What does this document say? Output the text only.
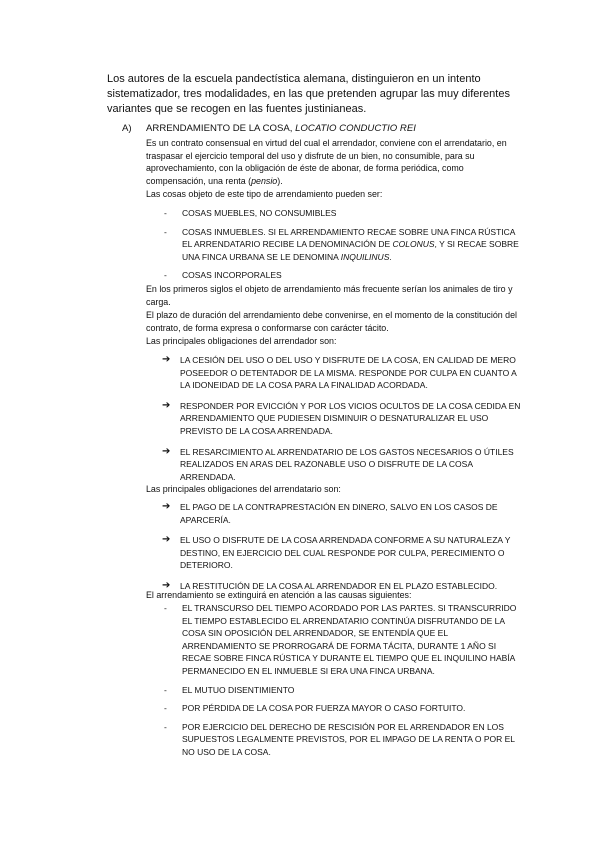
Los autores de la escuela pandectística alemana, distinguieron en un intento sistematizador, tres modalidades, en las que pretenden agrupar las muy diferentes variantes que se recogen en las fuentes justinianeas.

A) ARRENDAMIENTO DE LA COSA, LOCATIO CONDUCTIO REI

Es un contrato consensual en virtud del cual el arrendador, conviene con el arrendatario, en traspasar el ejercicio temporal del uso y disfrute de un bien, no consumible, para su aprovechamiento, con la obligación de éste de abonar, de forma periódica, como compensación, una renta (pensio).

Las cosas objeto de este tipo de arrendamiento pueden ser:

- COSAS MUEBLES, NO CONSUMIBLES
- COSAS INMUEBLES. SI EL ARRENDAMIENTO RECAE SOBRE UNA FINCA RÚSTICA EL ARRENDATARIO RECIBE LA DENOMINACIÓN DE COLONUS, Y SI RECAE SOBRE UNA FINCA URBANA SE LE DENOMINA INQUILINUS.
- COSAS INCORPORALES

En los primeros siglos el objeto de arrendamiento más frecuente serían los animales de tiro y carga.

El plazo de duración del arrendamiento debe convenirse, en el momento de la constitución del contrato, de forma expresa o conformarse con carácter tácito.

Las principales obligaciones del arrendador son:

➔ LA CESIÓN DEL USO O DEL USO Y DISFRUTE DE LA COSA, EN CALIDAD DE MERO POSEEDOR O DETENTADOR DE LA MISMA. RESPONDE POR CULPA EN CUANTO A LA IDONEIDAD DE LA COSA PARA LA FINALIDAD ACORDADA.
➔ RESPONDER POR EVICCIÓN Y POR LOS VICIOS OCULTOS DE LA COSA CEDIDA EN ARRENDAMIENTO QUE PUDIESEN DISMINUIR O DESNATURALIZAR EL USO PREVISTO DE LA COSA ARRENDADA.
➔ EL RESARCIMIENTO AL ARRENDATARIO DE LOS GASTOS NECESARIOS O ÚTILES REALIZADOS EN ARAS DEL RAZONABLE USO O DISFRUTE DE LA COSA ARRENDADA.

Las principales obligaciones del arrendatario son:

➔ EL PAGO DE LA CONTRAPRESTACIÓN EN DINERO, SALVO EN LOS CASOS DE APARCERÍA.
➔ EL USO O DISFRUTE DE LA COSA ARRENDADA CONFORME A SU NATURALEZA Y DESTINO, EN EJERCICIO DEL CUAL RESPONDE POR CULPA, PERECIMIENTO O DETERIORO.
➔ LA RESTITUCIÓN DE LA COSA AL ARRENDADOR EN EL PLAZO ESTABLECIDO.

El arrendamiento se extinguirá en atención a las causas siguientes:

- EL TRANSCURSO DEL TIEMPO ACORDADO POR LAS PARTES. SI TRANSCURRIDO EL TIEMPO ESTABLECIDO EL ARRENDATARIO CONTINÚA DISFRUTANDO DE LA COSA SIN OPOSICIÓN DEL ARRENDADOR, SE ENTENDÍA QUE EL ARRENDAMIENTO SE PRORROGARÁ DE FORMA TÁCITA, DURANTE 1 AÑO SI RECAE SOBRE FINCA RÚSTICA Y DURANTE EL TIEMPO QUE EL INQUILINO HABÍA PERMANECIDO EN EL INMUEBLE SI ERA UNA FINCA URBANA.
- EL MUTUO DISENTIMIENTO
- POR PÉRDIDA DE LA COSA POR FUERZA MAYOR O CASO FORTUITO.
- POR EJERCICIO DEL DERECHO DE RESCISIÓN POR EL ARRENDADOR EN LOS SUPUESTOS LEGALMENTE PREVISTOS, POR EL IMPAGO DE LA RENTA O POR EL NO USO DE LA COSA.
